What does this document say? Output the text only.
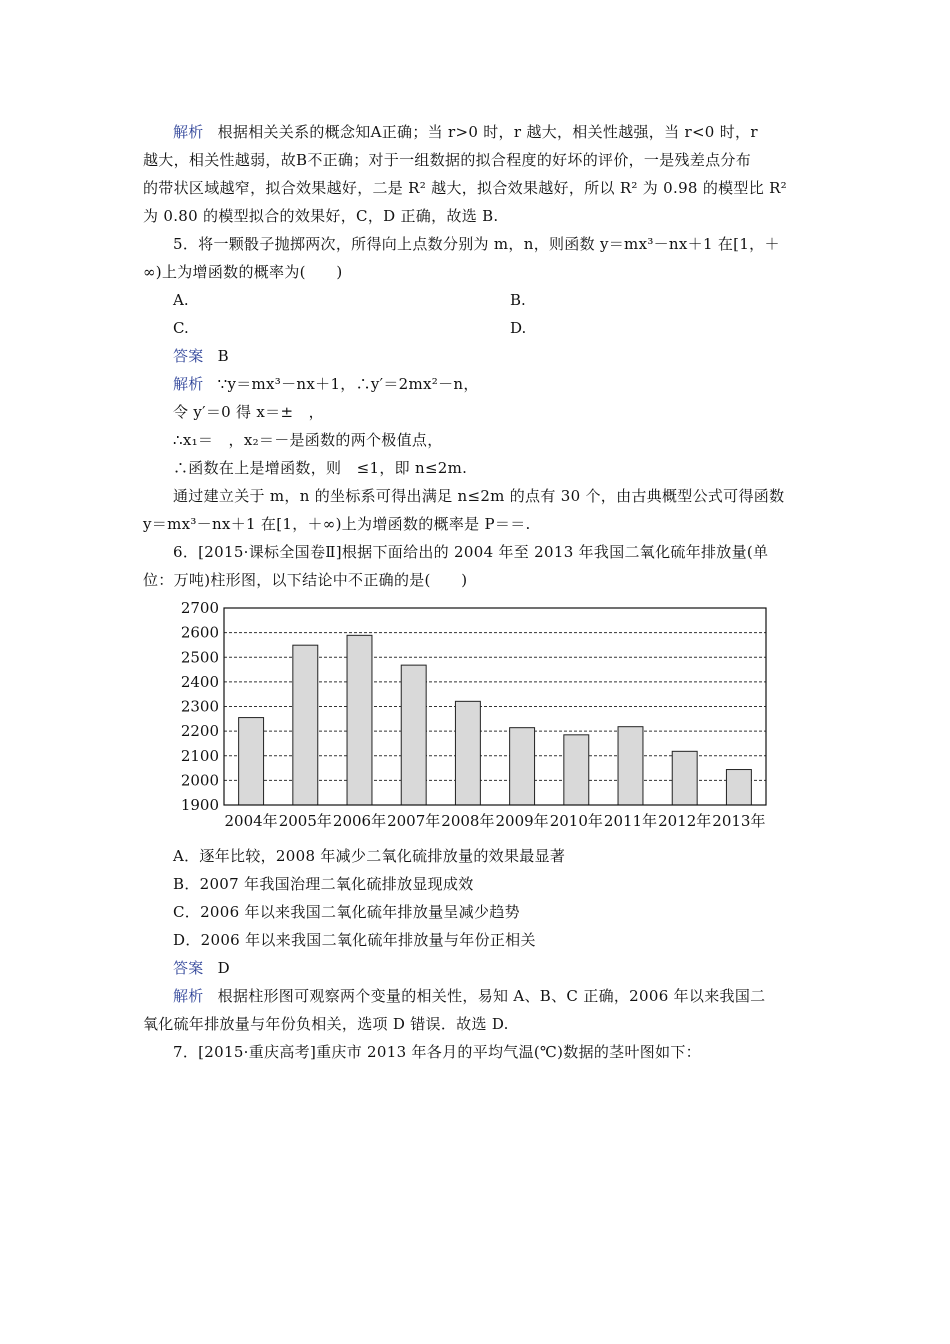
解析 根据相关关系的概念知A正确；当 r>0 时，r 越大，相关性越强，当 r<0 时，r
越大，相关性越弱，故B不正确；对于一组数据的拟合程度的好坏的评价，一是残差点分布
的带状区域越窄，拟合效果越好，二是 R² 越大，拟合效果越好，所以 R² 为 0.98 的模型比 R²
为 0.80 的模型拟合的效果好，C，D 正确，故选 B.
5．将一颗骰子抛掷两次，所得向上点数分别为 m，n，则函数 y＝mx³－nx＋1 在[1，＋
∞)上为增函数的概率为(　　)
A.	B.
C.	D.
答案 B
解析 ∵y＝mx³－nx＋1，∴y′＝2mx²－n，
令 y′＝0 得 x＝±　，
∴x₁＝　，x₂＝－是函数的两个极值点，
∴函数在上是增函数，则　≤1，即 n≤2m.
通过建立关于 m，n 的坐标系可得出满足 n≤2m 的点有 30 个，由古典概型公式可得函数
y＝mx³－nx＋1 在[1，＋∞)上为增函数的概率是 P＝＝.
6．[2015·课标全国卷Ⅱ]根据下面给出的 2004 年至 2013 年我国二氧化硫年排放量(单
位：万吨)柱形图，以下结论中不正确的是(　　)
2700
2600
2500
2400
2300
2200
2100
2000
1900
2004年 2005年 2006年 2007年 2008年 2009年 2010年 2011年 2012年 2013年
A．逐年比较，2008 年减少二氧化硫排放量的效果最显著
B．2007 年我国治理二氧化硫排放显现成效
C．2006 年以来我国二氧化硫年排放量呈减少趋势
D．2006 年以来我国二氧化硫年排放量与年份正相关
答案 D
解析 根据柱形图可观察两个变量的相关性，易知 A、B、C 正确，2006 年以来我国二
氧化硫年排放量与年份负相关，选项 D 错误．故选 D.
7．[2015·重庆高考]重庆市 2013 年各月的平均气温(℃)数据的茎叶图如下：
